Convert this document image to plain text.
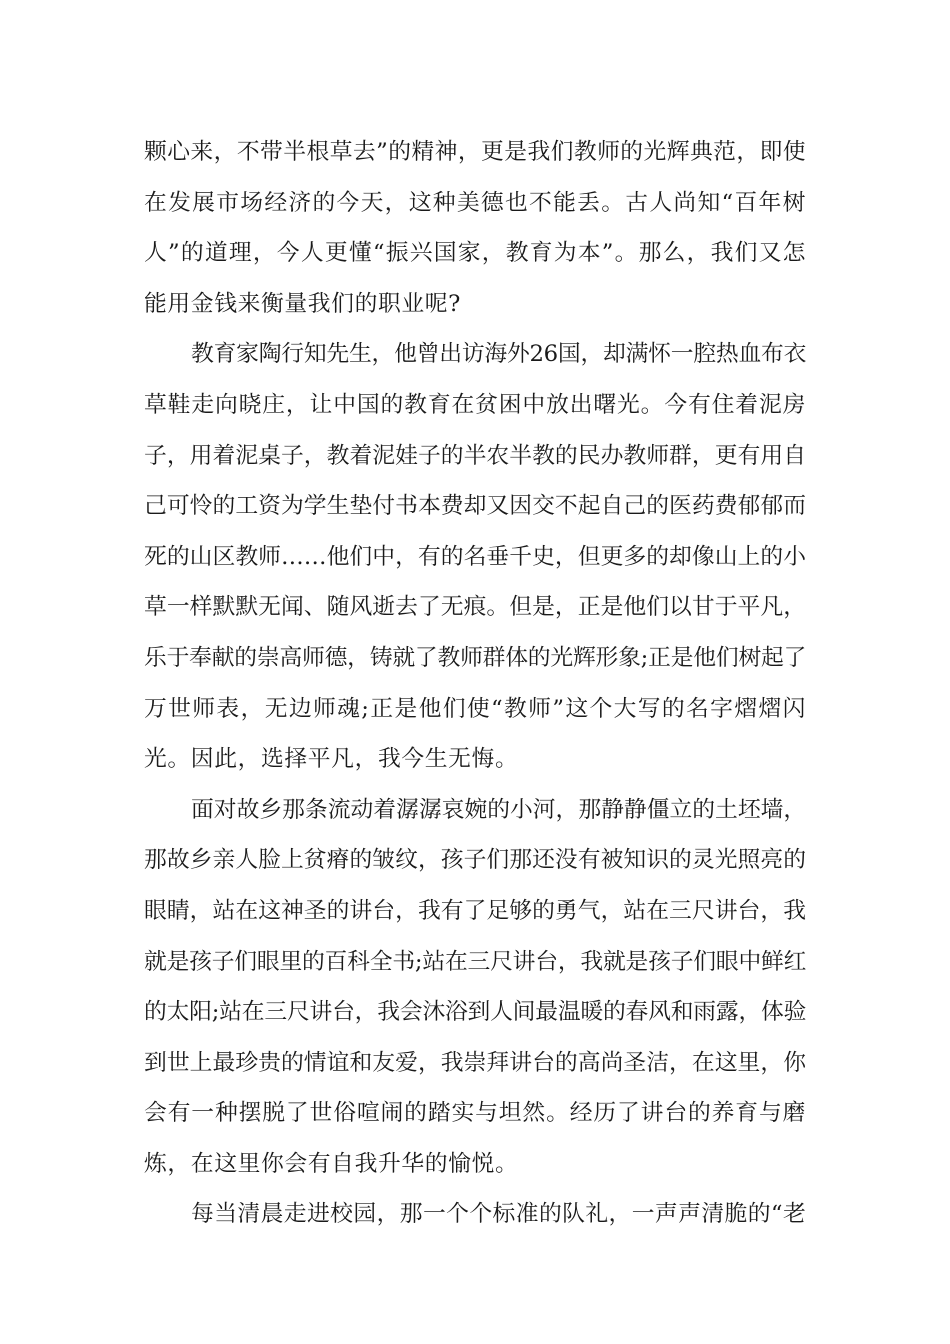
颗心来，不带半根草去”的精神，更是我们教师的光辉典范，即使
在发展市场经济的今天，这种美德也不能丢。古人尚知“百年树
人”的道理，今人更懂“振兴国家，教育为本”。那么，我们又怎
能用金钱来衡量我们的职业呢?
教育家陶行知先生，他曾出访海外26国，却满怀一腔热血布衣
草鞋走向晓庄，让中国的教育在贫困中放出曙光。今有住着泥房
子，用着泥桌子，教着泥娃子的半农半教的民办教师群，更有用自
己可怜的工资为学生垫付书本费却又因交不起自己的医药费郁郁而
死的山区教师……他们中，有的名垂千史，但更多的却像山上的小
草一样默默无闻、随风逝去了无痕。但是，正是他们以甘于平凡，
乐于奉献的崇高师德，铸就了教师群体的光辉形象;正是他们树起了
万世师表，无边师魂;正是他们使“教师”这个大写的名字熠熠闪
光。因此，选择平凡，我今生无悔。
面对故乡那条流动着潺潺哀婉的小河，那静静僵立的土坯墙，
那故乡亲人脸上贫瘠的皱纹，孩子们那还没有被知识的灵光照亮的
眼睛，站在这神圣的讲台，我有了足够的勇气，站在三尺讲台，我
就是孩子们眼里的百科全书;站在三尺讲台，我就是孩子们眼中鲜红
的太阳;站在三尺讲台，我会沐浴到人间最温暖的春风和雨露，体验
到世上最珍贵的情谊和友爱，我崇拜讲台的高尚圣洁，在这里，你
会有一种摆脱了世俗喧闹的踏实与坦然。经历了讲台的养育与磨
炼，在这里你会有自我升华的愉悦。
每当清晨走进校园，那一个个标准的队礼，一声声清脆的“老
